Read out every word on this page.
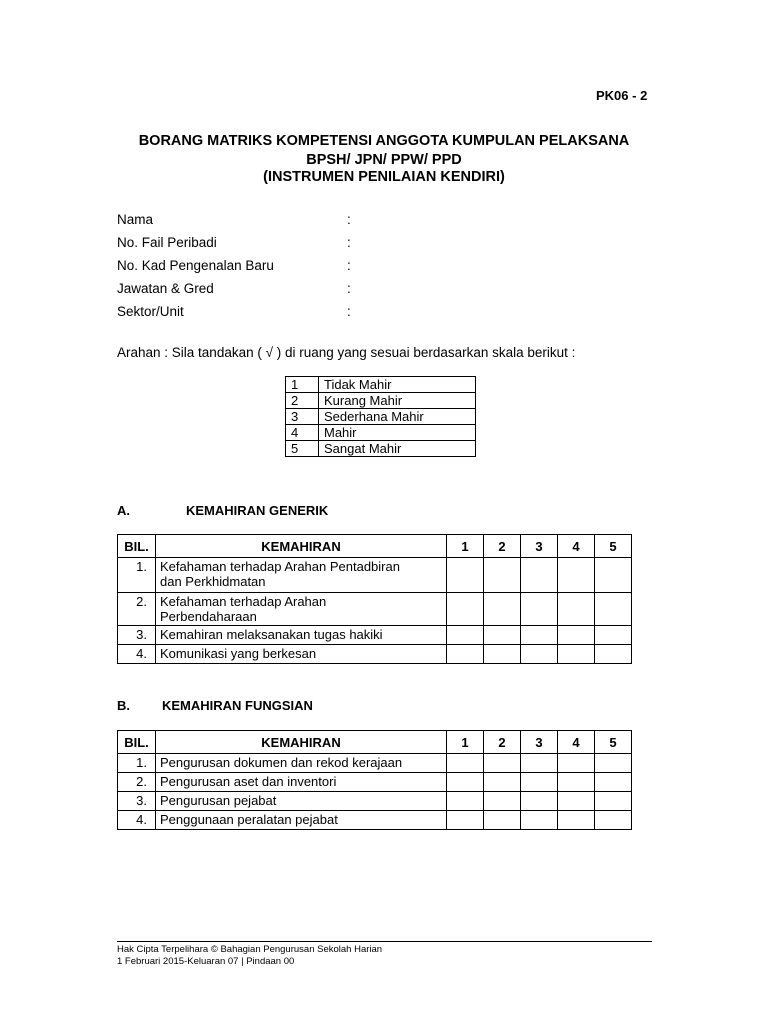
PK06 - 2
BORANG MATRIKS KOMPETENSI ANGGOTA KUMPULAN PELAKSANA
BPSH/ JPN/ PPW/ PPD
(INSTRUMEN PENILAIAN KENDIRI)
Nama	:
No. Fail Peribadi	:
No. Kad Pengenalan Baru	:
Jawatan & Gred	:
Sektor/Unit	:
Arahan : Sila tandakan ( √ ) di ruang yang sesuai berdasarkan skala berikut :
1	Tidak Mahir
2	Kurang Mahir
3	Sederhana Mahir
4	Mahir
5	Sangat Mahir
A.	KEMAHIRAN GENERIK
BIL.	KEMAHIRAN	1	2	3	4	5
1.	Kefahaman terhadap Arahan Pentadbiran
dan Perkhidmatan					

2.	Kefahaman terhadap Arahan
Perbendaharaan					

3.	Kemahiran melaksanakan tugas hakiki					
4.	Komunikasi yang berkesan					
B. KEMAHIRAN FUNGSIAN
BIL.	KEMAHIRAN	1	2	3	4	5
1.	Pengurusan dokumen dan rekod kerajaan					
2.	Pengurusan aset dan inventori					
3.	Pengurusan pejabat					
4.	Penggunaan peralatan pejabat					
Hak Cipta Terpelihara © Bahagian Pengurusan Sekolah Harian
1 Februari 2015-Keluaran 07 | Pindaan 00
